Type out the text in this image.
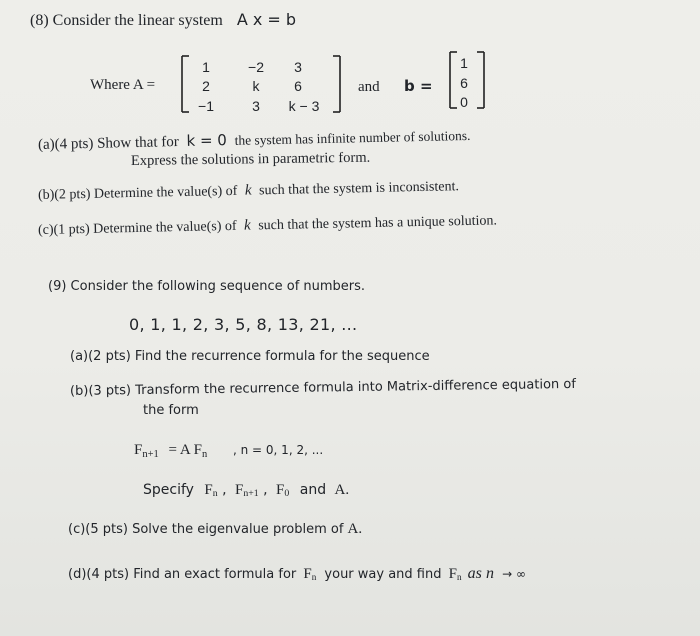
(8) Consider the linear system A x = b
Where A =
1	−2	3
2	k	6
−1	3	k − 3
and b =
1
6
0
(a)(4 pts) Show that for k = 0 the system has infinite number of solutions.
Express the solutions in parametric form.
(b)(2 pts) Determine the value(s) of k such that the system is inconsistent.
(c)(1 pts) Determine the value(s) of k such that the system has a unique solution.
(9) Consider the following sequence of numbers.
0, 1, 1, 2, 3, 5, 8, 13, 21, ...
(a)(2 pts) Find the recurrence formula for the sequence
(b)(3 pts) Transform the recurrence formula into Matrix-difference equation of
the form
Fn+1 = A Fn , n = 0, 1, 2, ...
Specify Fn , Fn+1 , F0 and A.
(c)(5 pts) Solve the eigenvalue problem of A.
(d)(4 pts) Find an exact formula for Fn your way and find Fn as n → ∞
